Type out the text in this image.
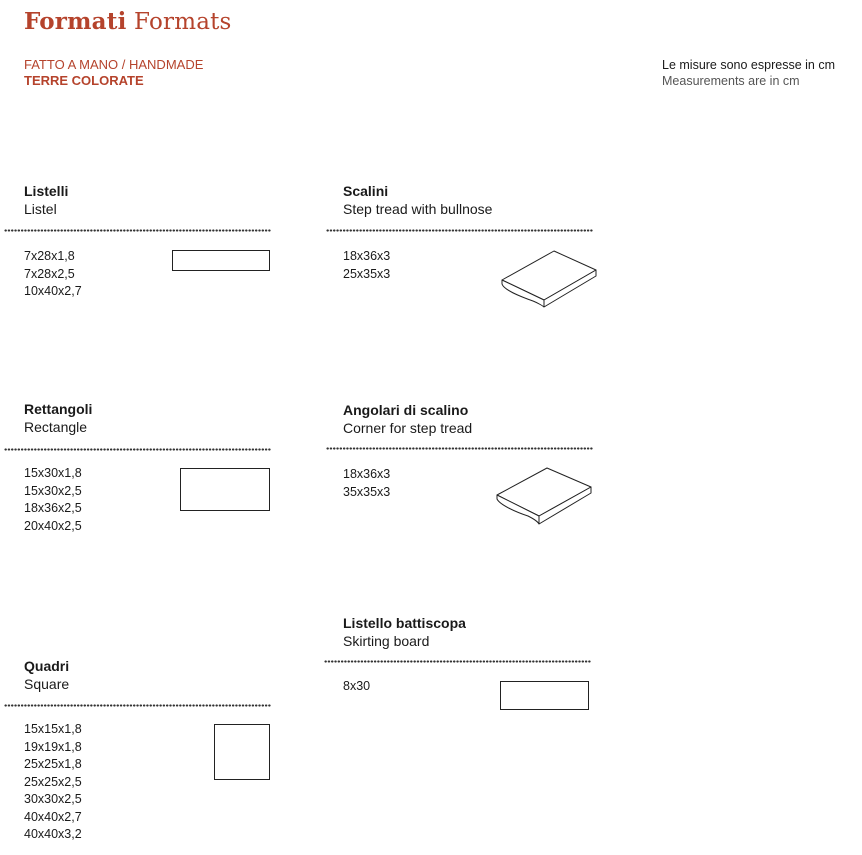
Formati Formats
FATTO A MANO / HANDMADE
TERRE COLORATE
Le misure sono espresse in cm
Measurements are in cm
Listelli
Listel
7x28x1,8
7x28x2,5
10x40x2,7
Scalini
Step tread with bullnose
18x36x3
25x35x3
Rettangoli
Rectangle
15x30x1,8
15x30x2,5
18x36x2,5
20x40x2,5
Angolari di scalino
Corner for step tread
18x36x3
35x35x3
Listello battiscopa
Skirting board
8x30
Quadri
Square
15x15x1,8
19x19x1,8
25x25x1,8
25x25x2,5
30x30x2,5
40x40x2,7
40x40x3,2
